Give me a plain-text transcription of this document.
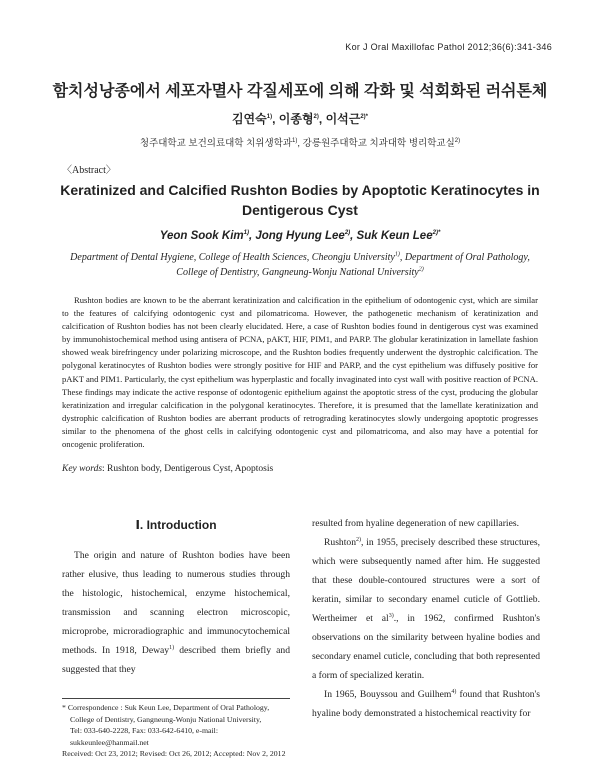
Kor J Oral Maxillofac Pathol 2012;36(6):341-346
함치성낭종에서 세포자멸사 각질세포에 의해 각화 및 석회화된 러쉬톤체
김연숙$^{1)}$, 이종형$^{2)}$, 이석근$^{2)*}$
청주대학교 보건의료대학 치위생학과$^{1)}$, 강릉원주대학교 치과대학 병리학교실$^{2)}$
〈Abstract〉
Keratinized and Calcified Rushton Bodies by Apoptotic Keratinocytes in Dentigerous Cyst
Yeon Sook Kim$^{1)}$, Jong Hyung Lee$^{2)}$, Suk Keun Lee$^{2)*}$
Department of Dental Hygiene, College of Health Sciences, Cheongju University$^{1)}$, Department of Oral Pathology,
College of Dentistry, Gangneung-Wonju National University$^{2)}$
Rushton bodies are known to be the aberrant keratinization and calcification in the epithelium of odontogenic cyst, which are similar to the features of calcifying odontogenic cyst and pilomatricoma. However, the pathogenetic mechanism of keratinization and calcification of Rushton bodies has not been clearly elucidated. Here, a case of Rushton bodies found in dentigerous cyst was examined by immunohistochemical method using antisera of PCNA, pAKT, HIF, PIM1, and PARP. The globular keratinization in lamellate fashion showed weak birefringency under polarizing microscope, and the Rushton bodies frequently underwent the dystrophic calcification. The polygonal keratinocytes of Rushton bodies were strongly positive for HIF and PARP, and the cyst epithelium was diffusely positive for pAKT and PIM1. Particularly, the cyst epithelium was hyperplastic and focally invaginated into cyst wall with positive reaction of PCNA. These findings may indicate the active response of odontogenic epithelium against the apoptotic stress of the cyst, producing the globular keratinization and irregular calcification in the polygonal keratinocytes. Therefore, it is presumed that the lamellate keratinization and dystrophic calcification of Rushton bodies are aberrant products of retrograding keratinocytes slowly undergoing apoptotic progresses similar to the phenomena of the ghost cells in calcifying odontogenic cyst and pilomatricoma, and also may have a potential for oncogenic proliferation.
Key words: Rushton body, Dentigerous Cyst, Apoptosis
Ⅰ. Introduction

The origin and nature of Rushton bodies have been rather elusive, thus leading to numerous studies through the histologic, histochemical, enzyme histochemical, transmission and scanning electron microscopic, microprobe, microradiographic and immunocytochemical methods. In 1918, Deway$^{1)}$ described them briefly and suggested that they

resulted from hyaline degeneration of new capillaries.

Rushton$^{2)}$, in 1955, precisely described these structures, which were subsequently named after him. He suggested that these double-contoured structures were a sort of keratin, similar to secondary enamel cuticle of Gottlieb. Wertheimer et $al^{3)}$., in 1962, confirmed Rushton's observations on the similarity between hyaline bodies and secondary enamel cuticle, concluding that both represented a form of specialized keratin.

In 1965, Bouyssou and Guilhem$^{4)}$ found that Rushton's hyaline body demonstrated a histochemical reactivity for

* Correspondence : Suk Keun Lee, Department of Oral Pathology,
College of Dentistry, Gangneung-Wonju National University,
Tel: 033-640-2228, Fax: 033-642-6410, e-mail: sukkeunlee@hanmail.net
Received: Oct 23, 2012; Revised: Oct 26, 2012; Accepted: Nov 2, 2012
